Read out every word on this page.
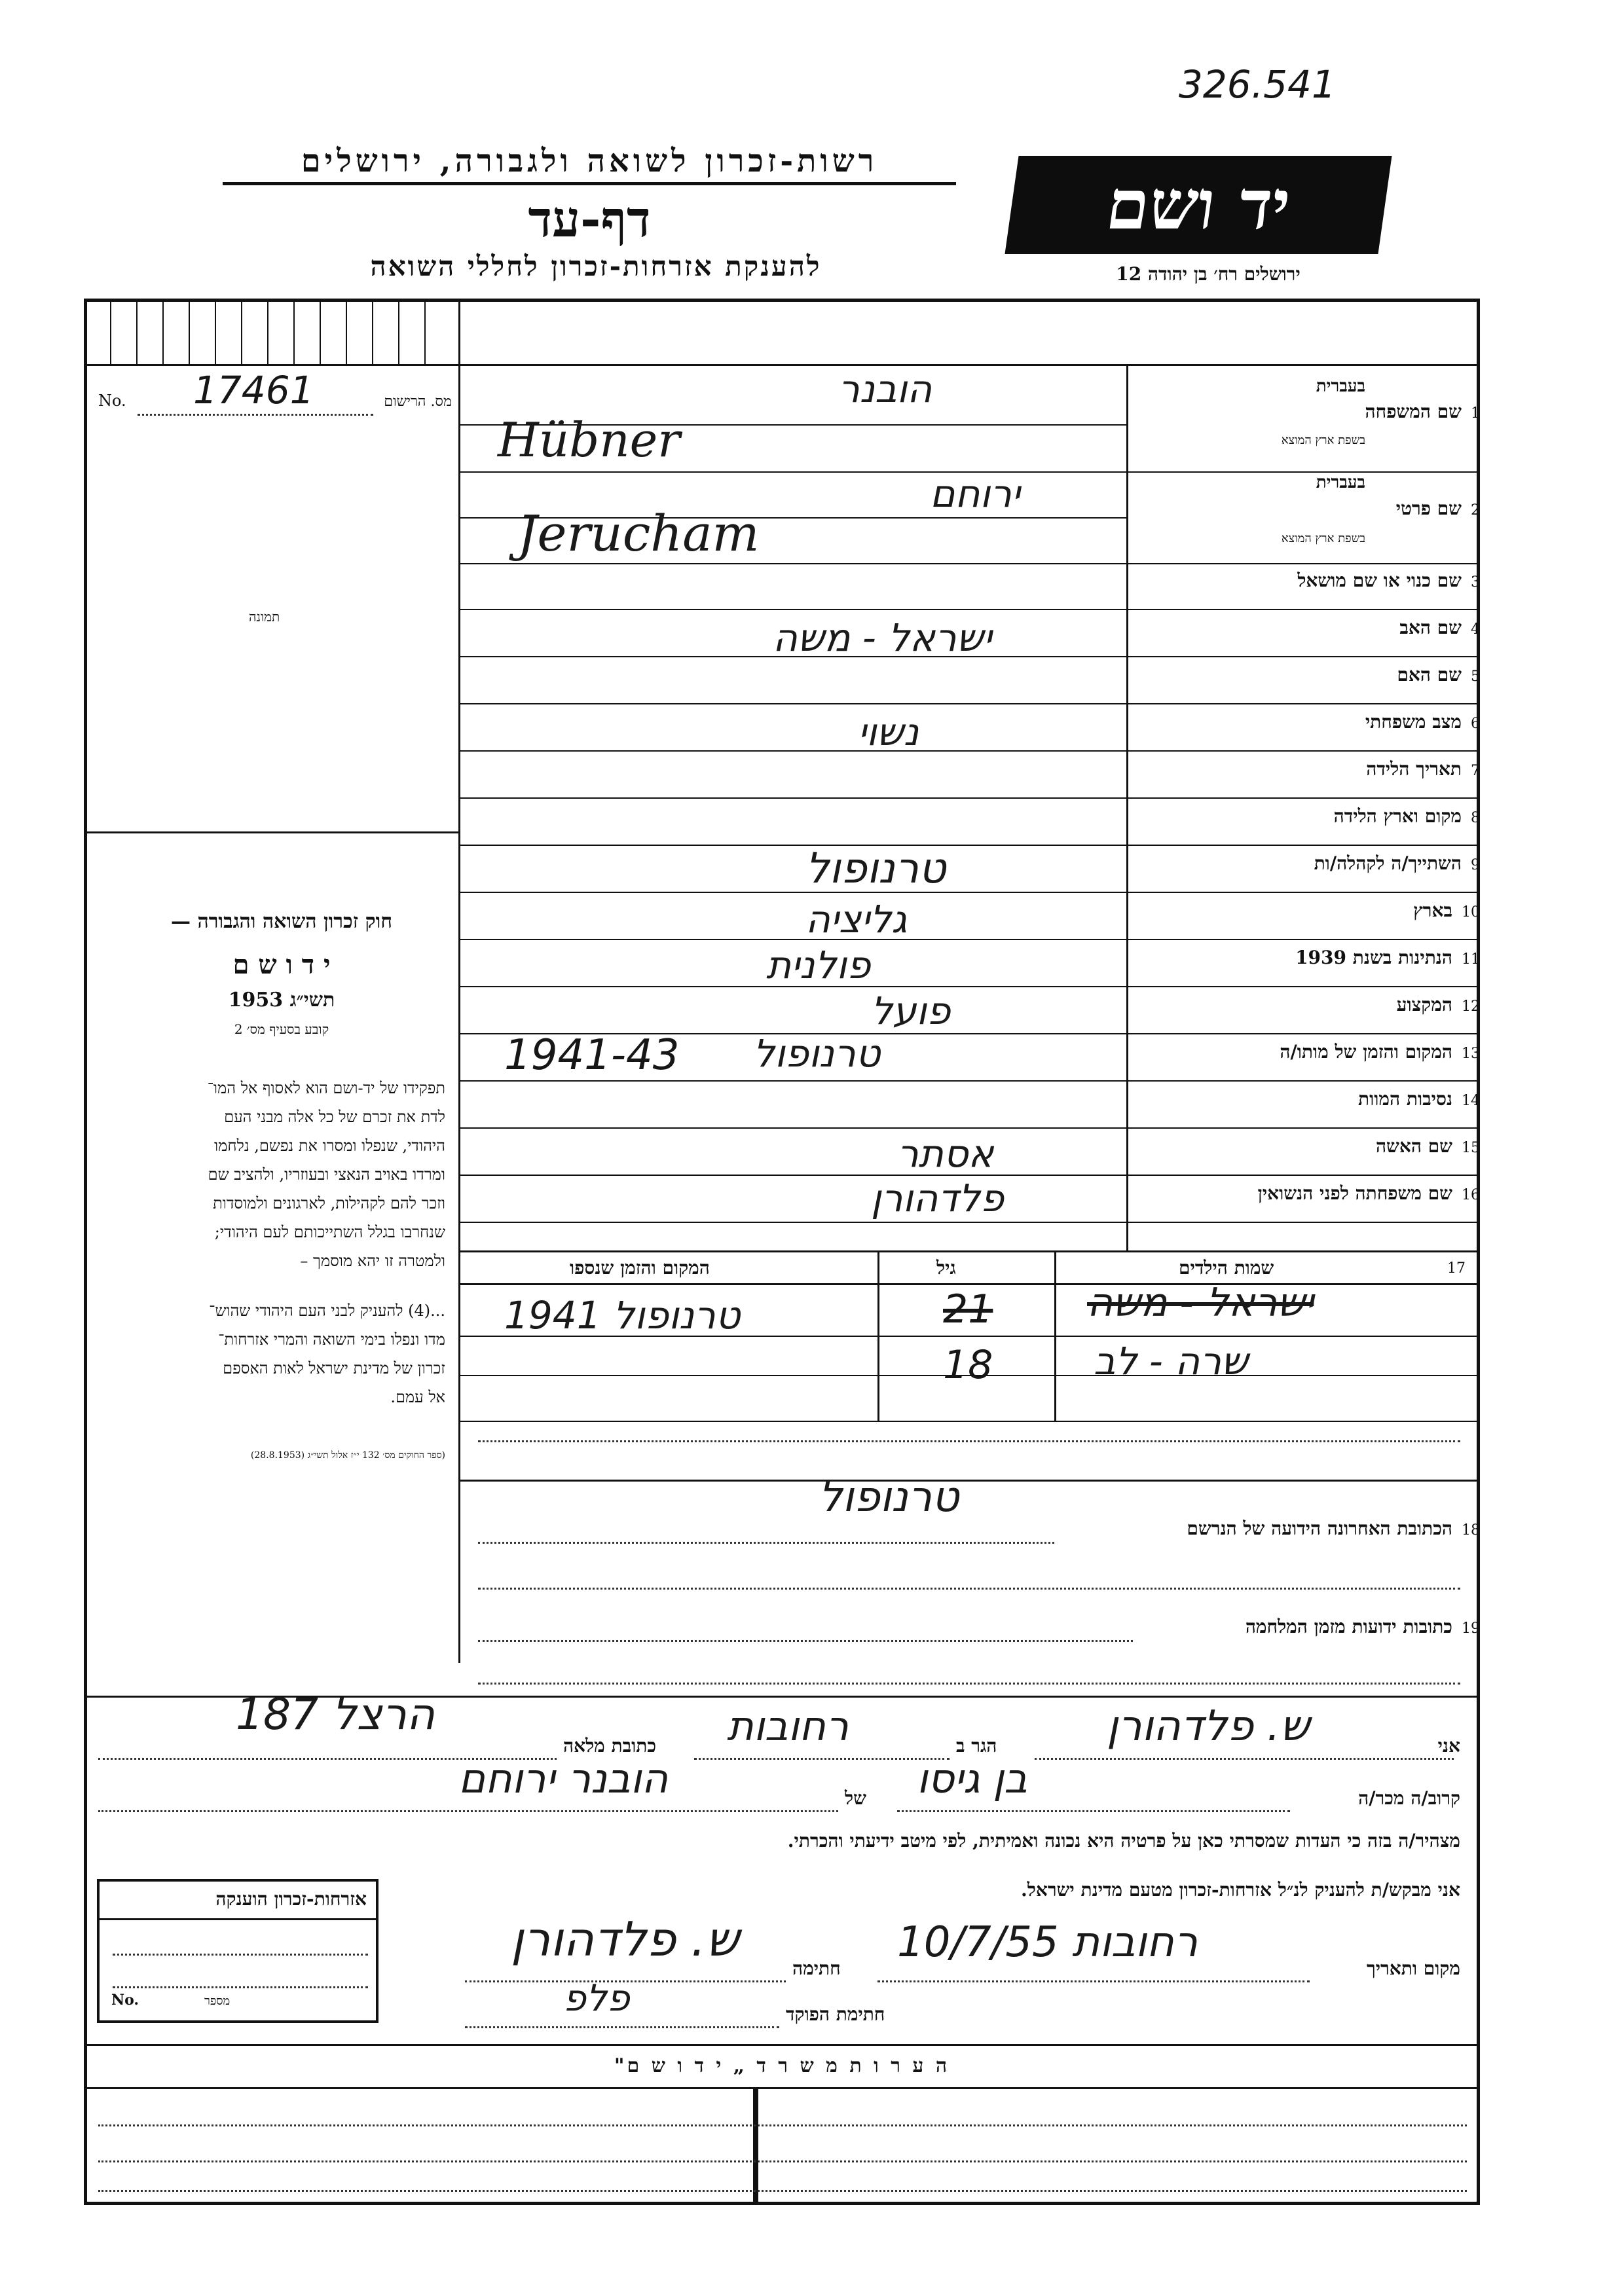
326.541
רשות-זכרון לשואה ולגבורה, ירושלים
דף-עד
להענקת אזרחות-זכרון לחללי השואה
יד ושם
ירושלים רח׳ בן יהודה 12
No. 17461	מס. הרישום
תמונה
חוק זכרון השואה והגבורה —
י ד ו ש ם
תשי״ג 1953
קובע בסעיף מס׳ 2
תפקידו של יד-ושם הוא לאסוף אל המו־
לדת את זכרם של כל אלה מבני העם
היהודי, שנפלו ומסרו את נפשם, נלחמו
ומרדו באויב הנאצי ובעוזריו, ולהציב שם
וזכר להם לקהילות, לארגונים ולמוסדות
שנחרבו בגלל השתייכותם לעם היהודי;
ולמטרה זו יהא מוסמך –
...(4) להעניק לבני העם היהודי שהוש־
מדו ונפלו בימי השואה והמרי אזרחות־
זכרון של מדינת ישראל לאות האספם
אל עמם.
(ספר החוקים מס׳ 132 י״ז אלול תשי״ג (28.8.1953)
1שם המשפחה
בעברית
בשפת ארץ המוצא
הובנר
Hübner
2שם פרטי
בעברית
בשפת ארץ המוצא
ירוחם
Jerucham
3שם כנוי או שם מושאל
4שם האב
ישראל - משה
5שם האם
6מצב משפחתי
נשוי
7תאריך הלידה
8מקום וארץ הלידה
9השתייך/ה לקהלה/ות
טרנופול
10בארץ
גליציה
11הנתינות בשנת 1939
פולנית
12המקצוע
פועל
13המקום והזמן של מותו/ה
טרנופול
1941-43
14נסיבות המוות
15שם האשה
אסתר
16שם משפחתה לפני הנשואין
פלדהורן
17
שמות הילדים
גיל
המקום והזמן שנספו
ישראל - משה
21
טרנופול 1941
שרה - לב
18
18הכתובת האחרונה הידועה של הנרשם
טרנופול
19כתובות ידועות מזמן המלחמה
אני
ש. פלדהורן
הגר ב
רחובות
כתובת מלאה
הרצל 187
קרוב/ה מכר/ה
בן גיסו
של
הובנר ירוחם
מצהיר/ה בזה כי העדות שמסרתי כאן על פרטיה היא נכונה ואמיתית, לפי מיטב ידיעתי והכרתי.
אני מבקש/ת להעניק לנ״ל אזרחות-זכרון מטעם מדינת ישראל.
אזרחות-זכרון הוענקה
No.	מספר
מקום ותאריך
רחובות 10/7/55
חתימה
ש. פלדהורן
חתימת הפוקד
פלפ
ה ע ר ו ת מ ש ר ד „ י ד ו ש ם"
